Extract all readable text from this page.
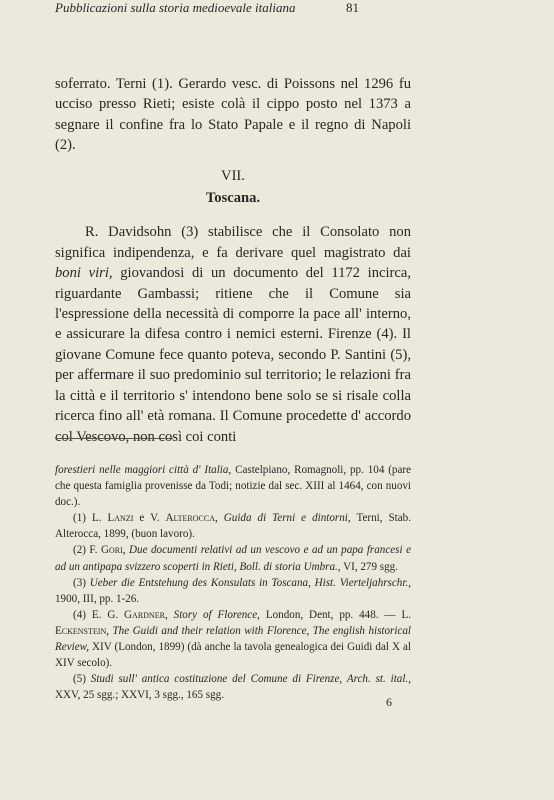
Pubblicazioni sulla storia medioevale italiana	81

soferrato. Terni (1). Gerardo vesc. di Poissons nel 1296 fu ucciso presso Rieti; esiste colà il cippo posto nel 1373 a segnare il confine fra lo Stato Papale e il regno di Napoli (2).

VII.
Toscana.

R. Davidsohn (3) stabilisce che il Consolato non significa indipendenza, e fa derivare quel magistrato dai boni viri, giovandosi di un documento del 1172 incirca, riguardante Gambassi; ritiene che il Comune sia l'espressione della necessità di comporre la pace all' interno, e assicurare la difesa contro i nemici esterni. Firenze (4). Il giovane Comune fece quanto poteva, secondo P. Santini (5), per affermare il suo predominio sul territorio; le relazioni fra la città e il territorio s' intendono bene solo se si risale colla ricerca fino all' età romana. Il Comune procedette d' accordo col Vescovo, non così coi conti

forestieri nelle maggiori città d' Italia, Castelpiano, Romagnoli, pp. 104 (pare che questa famiglia provenisse da Todi; notizie dal sec. XIII al 1464, con nuovi doc.).

(1) L. Lanzi e V. Alterocca, Guida di Terni e dintorni, Terni, Stab. Alterocca, 1899, (buon lavoro).

(2) F. Gori, Due documenti relativi ad un vescovo e ad un papa francesi e ad un antipapa svizzero scoperti in Rieti, Boll. di storia Umbra., VI, 279 sgg.

(3) Ueber die Entstehung des Konsulats in Toscana, Hist. Vierteljahrschr., 1900, III, pp. 1-26.

(4) E. G. Gardner, Story of Florence, London, Dent, pp. 448. — L. Eckenstein, The Guidi and their relation with Florence, The english historical Review, XIV (London, 1899) (dà anche la tavola genealogica dei Guidi dal X al XIV secolo).

(5) Studi sull' antica costituzione del Comune di Firenze, Arch. st. ital., XXV, 25 sgg.; XXVI, 3 sgg., 165 sgg.	6
